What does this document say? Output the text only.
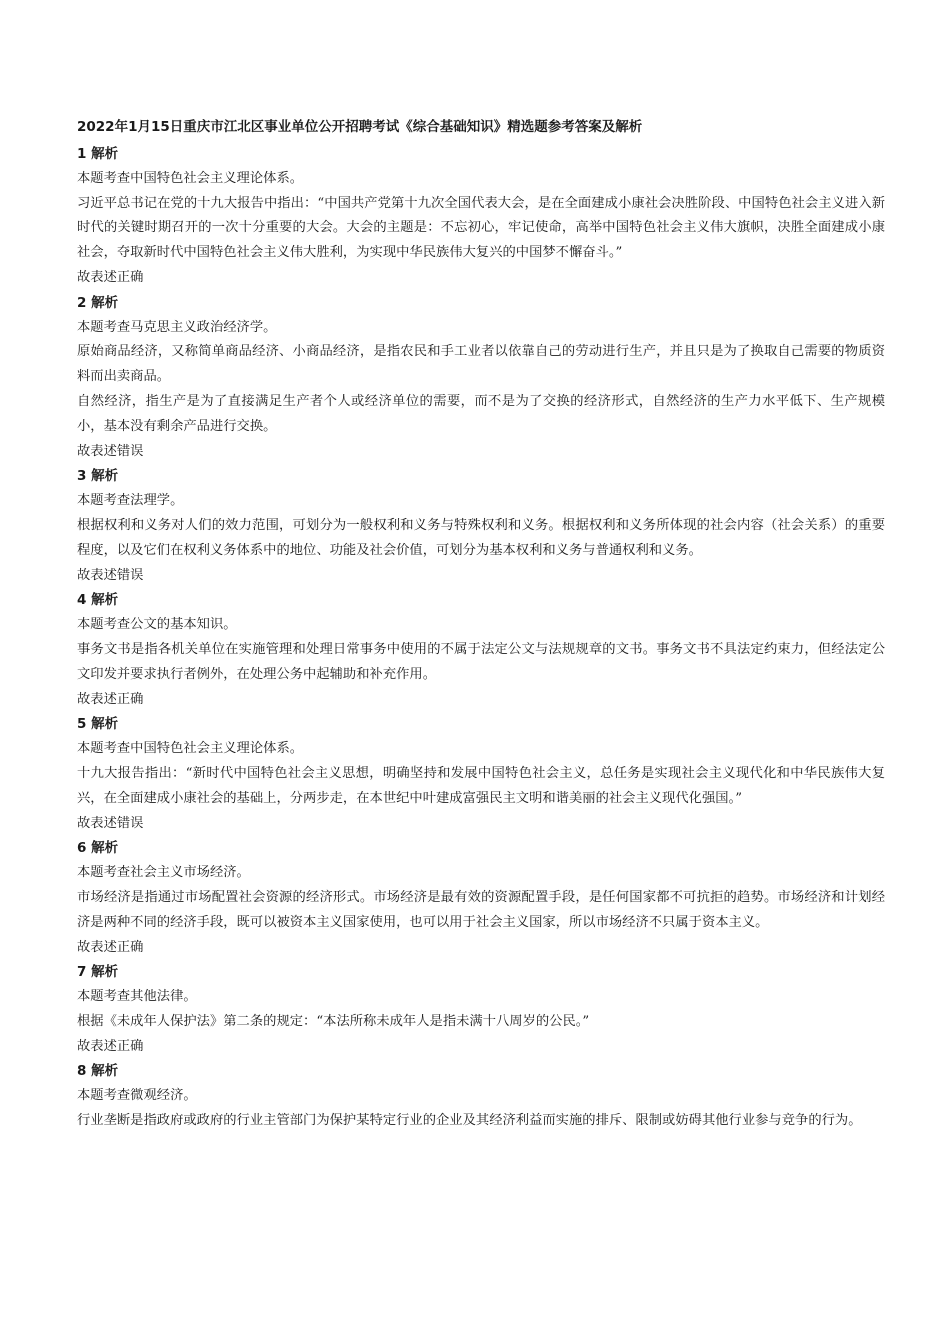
2022年1月15日重庆市江北区事业单位公开招聘考试《综合基础知识》精选题参考答案及解析
1 解析
本题考查中国特色社会主义理论体系。
习近平总书记在党的十九大报告中指出：“中国共产党第十九次全国代表大会，是在全面建成小康社会决胜阶段、中国特色社会主义进入新时代的关键时期召开的一次十分重要的大会。大会的主题是：不忘初心，牢记使命，高举中国特色社会主义伟大旗帜，决胜全面建成小康社会，夺取新时代中国特色社会主义伟大胜利，为实现中华民族伟大复兴的中国梦不懈奋斗。”
故表述正确
2 解析
本题考查马克思主义政治经济学。
原始商品经济，又称简单商品经济、小商品经济，是指农民和手工业者以依靠自己的劳动进行生产，并且只是为了换取自己需要的物质资料而出卖商品。
自然经济，指生产是为了直接满足生产者个人或经济单位的需要，而不是为了交换的经济形式，自然经济的生产力水平低下、生产规模小，基本没有剩余产品进行交换。
故表述错误
3 解析
本题考查法理学。
根据权利和义务对人们的效力范围，可划分为一般权利和义务与特殊权利和义务。根据权利和义务所体现的社会内容（社会关系）的重要程度，以及它们在权利义务体系中的地位、功能及社会价值，可划分为基本权利和义务与普通权利和义务。
故表述错误
4 解析
本题考查公文的基本知识。
事务文书是指各机关单位在实施管理和处理日常事务中使用的不属于法定公文与法规规章的文书。事务文书不具法定约束力，但经法定公文印发并要求执行者例外，在处理公务中起辅助和补充作用。
故表述正确
5 解析
本题考查中国特色社会主义理论体系。
十九大报告指出：“新时代中国特色社会主义思想，明确坚持和发展中国特色社会主义，总任务是实现社会主义现代化和中华民族伟大复兴，在全面建成小康社会的基础上，分两步走，在本世纪中叶建成富强民主文明和谐美丽的社会主义现代化强国。”
故表述错误
6 解析
本题考查社会主义市场经济。
市场经济是指通过市场配置社会资源的经济形式。市场经济是最有效的资源配置手段，是任何国家都不可抗拒的趋势。市场经济和计划经济是两种不同的经济手段，既可以被资本主义国家使用，也可以用于社会主义国家，所以市场经济不只属于资本主义。
故表述正确
7 解析
本题考查其他法律。
根据《未成年人保护法》第二条的规定：“本法所称未成年人是指未满十八周岁的公民。”
故表述正确
8 解析
本题考查微观经济。
行业垄断是指政府或政府的行业主管部门为保护某特定行业的企业及其经济利益而实施的排斥、限制或妨碍其他行业参与竞争的行为。
